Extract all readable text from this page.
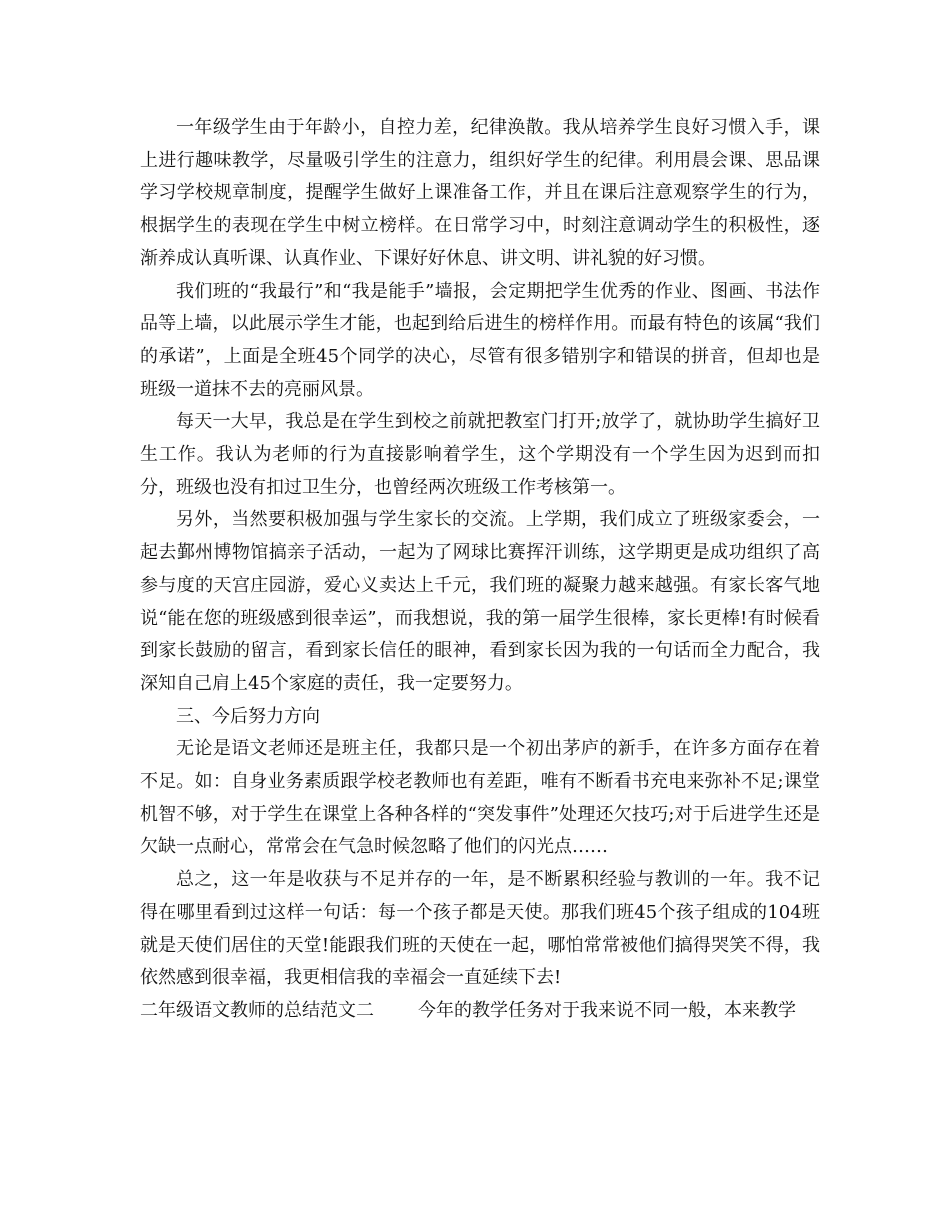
一年级学生由于年龄小，自控力差，纪律涣散。我从培养学生良好习惯入手，课上进行趣味教学，尽量吸引学生的注意力，组织好学生的纪律。利用晨会课、思品课学习学校规章制度，提醒学生做好上课准备工作，并且在课后注意观察学生的行为，根据学生的表现在学生中树立榜样。在日常学习中，时刻注意调动学生的积极性，逐渐养成认真听课、认真作业、下课好好休息、讲文明、讲礼貌的好习惯。

我们班的“我最行”和“我是能手”墙报，会定期把学生优秀的作业、图画、书法作品等上墙，以此展示学生才能，也起到给后进生的榜样作用。而最有特色的该属“我们的承诺”，上面是全班45个同学的决心，尽管有很多错别字和错误的拼音，但却也是班级一道抹不去的亮丽风景。

每天一大早，我总是在学生到校之前就把教室门打开;放学了，就协助学生搞好卫生工作。我认为老师的行为直接影响着学生，这个学期没有一个学生因为迟到而扣分，班级也没有扣过卫生分，也曾经两次班级工作考核第一。

另外，当然要积极加强与学生家长的交流。上学期，我们成立了班级家委会，一起去鄞州博物馆搞亲子活动，一起为了网球比赛挥汗训练，这学期更是成功组织了高参与度的天宫庄园游，爱心义卖达上千元，我们班的凝聚力越来越强。有家长客气地说“能在您的班级感到很幸运”，而我想说，我的第一届学生很棒，家长更棒!有时候看到家长鼓励的留言，看到家长信任的眼神，看到家长因为我的一句话而全力配合，我深知自己肩上45个家庭的责任，我一定要努力。

三、今后努力方向

无论是语文老师还是班主任，我都只是一个初出茅庐的新手，在许多方面存在着不足。如：自身业务素质跟学校老教师也有差距，唯有不断看书充电来弥补不足;课堂机智不够，对于学生在课堂上各种各样的“突发事件”处理还欠技巧;对于后进学生还是欠缺一点耐心，常常会在气急时候忽略了他们的闪光点……

总之，这一年是收获与不足并存的一年，是不断累积经验与教训的一年。我不记得在哪里看到过这样一句话：每一个孩子都是天使。那我们班45个孩子组成的104班就是天使们居住的天堂!能跟我们班的天使在一起，哪怕常常被他们搞得哭笑不得，我依然感到很幸福，我更相信我的幸福会一直延续下去!

二年级语文教师的总结范文二 今年的教学任务对于我来说不同一般，本来教学
